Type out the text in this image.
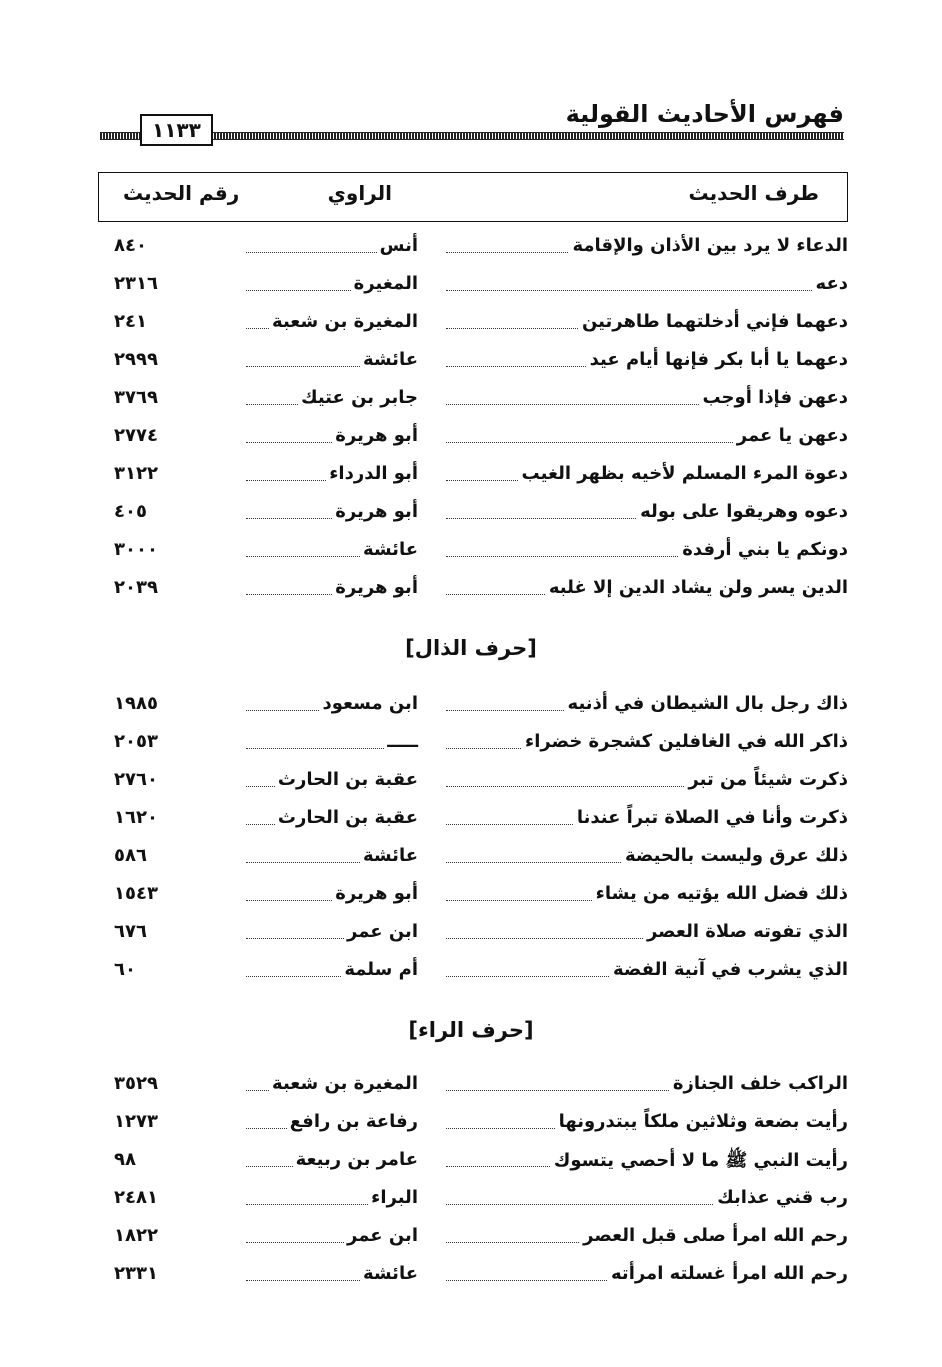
فهرس الأحاديث القولية
١١٣٣
طرف الحديث
الراوي
رقم الحديث
الدعاء لا يرد بين الأذان والإقامة
أنس
٨٤٠
دعه
المغيرة
٢٣١٦
دعهما فإني أدخلتهما طاهرتين
المغيرة بن شعبة
٢٤١
دعهما يا أبا بكر فإنها أيام عيد
عائشة
٢٩٩٩
دعهن فإذا أوجب
جابر بن عتيك
٣٧٦٩
دعهن يا عمر
أبو هريرة
٢٧٧٤
دعوة المرء المسلم لأخيه بظهر الغيب
أبو الدرداء
٣١٢٢
دعوه وهريقوا على بوله
أبو هريرة
٤٠٥
دونكم يا بني أرفدة
عائشة
٣٠٠٠
الدين يسر ولن يشاد الدين إلا غلبه
أبو هريرة
٢٠٣٩
[حرف الذال]
ذاك رجل بال الشيطان في أذنيه
ابن مسعود
١٩٨٥
ذاكر الله في الغافلين كشجرة خضراء
ـــــ
٢٠٥٣
ذكرت شيئاً من تبر
عقبة بن الحارث
٢٧٦٠
ذكرت وأنا في الصلاة تبراً عندنا
عقبة بن الحارث
١٦٢٠
ذلك عرق وليست بالحيضة
عائشة
٥٨٦
ذلك فضل الله يؤتيه من يشاء
أبو هريرة
١٥٤٣
الذي تفوته صلاة العصر
ابن عمر
٦٧٦
الذي يشرب في آنية الفضة
أم سلمة
٦٠
[حرف الراء]
الراكب خلف الجنازة
المغيرة بن شعبة
٣٥٢٩
رأيت بضعة وثلاثين ملكاً يبتدرونها
رفاعة بن رافع
١٢٧٣
رأيت النبي ﷺ ما لا أحصي يتسوك
عامر بن ربيعة
٩٨
رب قني عذابك
البراء
٢٤٨١
رحم الله امرأ صلى قبل العصر
ابن عمر
١٨٢٢
رحم الله امرأ غسلته امرأته
عائشة
٢٣٣١
